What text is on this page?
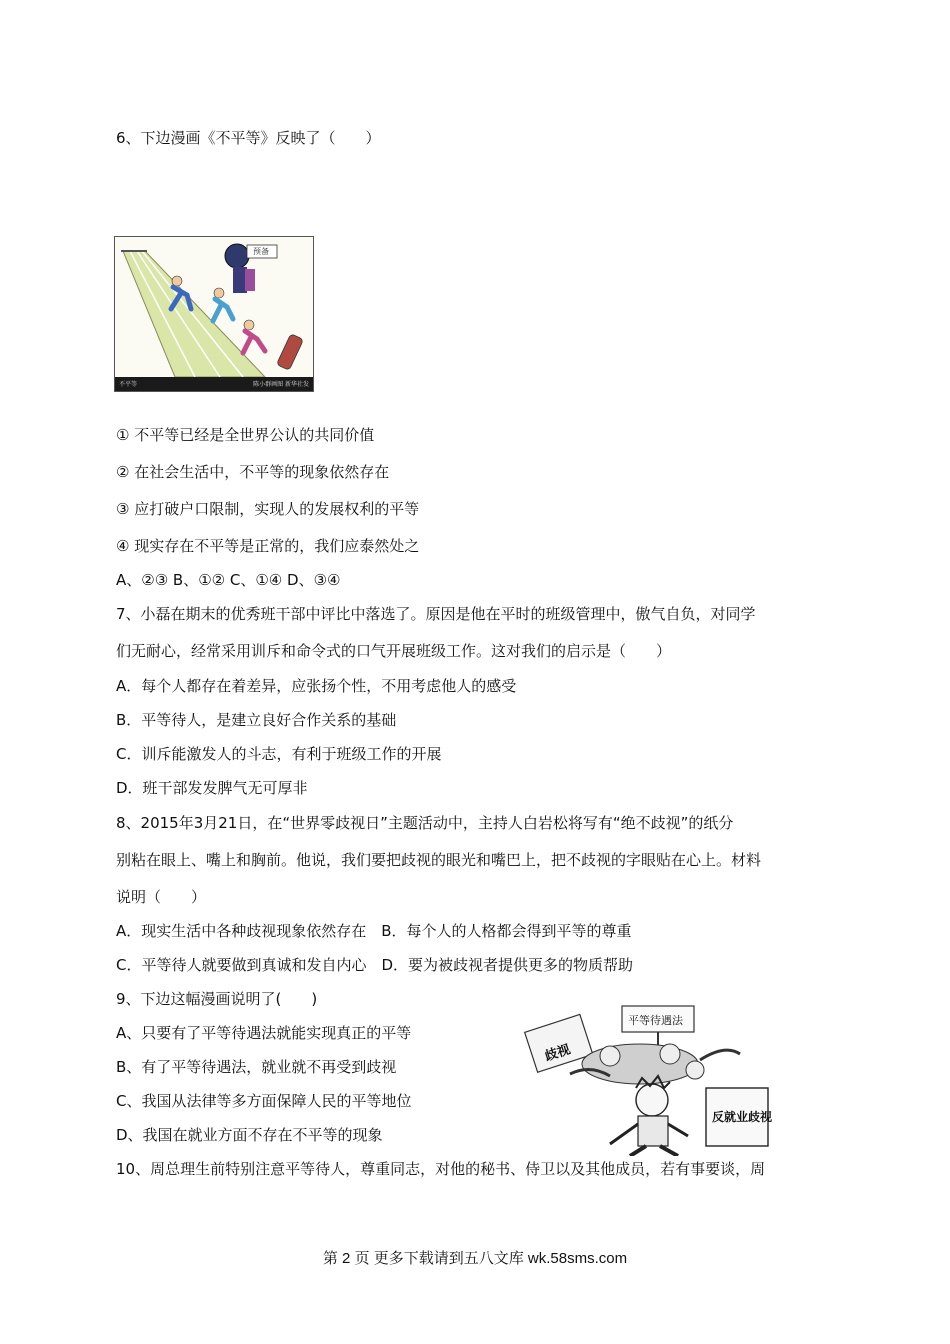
6、下边漫画《不平等》反映了（　　）
预备
不平等	陈小群画图 新华社发
① 不平等已经是全世界公认的共同价值
② 在社会生活中，不平等的现象依然存在
③ 应打破户口限制，实现人的发展权利的平等
④ 现实存在不平等是正常的，我们应泰然处之
A、②③ B、①② C、①④ D、③④
7、小磊在期末的优秀班干部中评比中落选了。原因是他在平时的班级管理中，傲气自负，对同学
们无耐心，经常采用训斥和命令式的口气开展班级工作。这对我们的启示是（　　）
A．每个人都存在着差异，应张扬个性，不用考虑他人的感受
B．平等待人，是建立良好合作关系的基础
C．训斥能激发人的斗志，有利于班级工作的开展
D．班干部发发脾气无可厚非
8、2015年3月21日，在“世界零歧视日”主题活动中，主持人白岩松将写有“绝不歧视”的纸分
别粘在眼上、嘴上和胸前。他说，我们要把歧视的眼光和嘴巴上，把不歧视的字眼贴在心上。材料
说明（　　）
A．现实生活中各种歧视现象依然存在　B．每个人的人格都会得到平等的尊重
C．平等待人就要做到真诚和发自内心　D．要为被歧视者提供更多的物质帮助
9、下边这幅漫画说明了(　　)
A、只要有了平等待遇法就能实现真正的平等
B、有了平等待遇法，就业就不再受到歧视
C、我国从法律等多方面保障人民的平等地位
D、我国在就业方面不存在不平等的现象
平等待遇法
歧视
反就业歧视
10、周总理生前特别注意平等待人，尊重同志，对他的秘书、侍卫以及其他成员，若有事要谈，周
第 2 页 更多下载请到五八文库 wk.58sms.com
